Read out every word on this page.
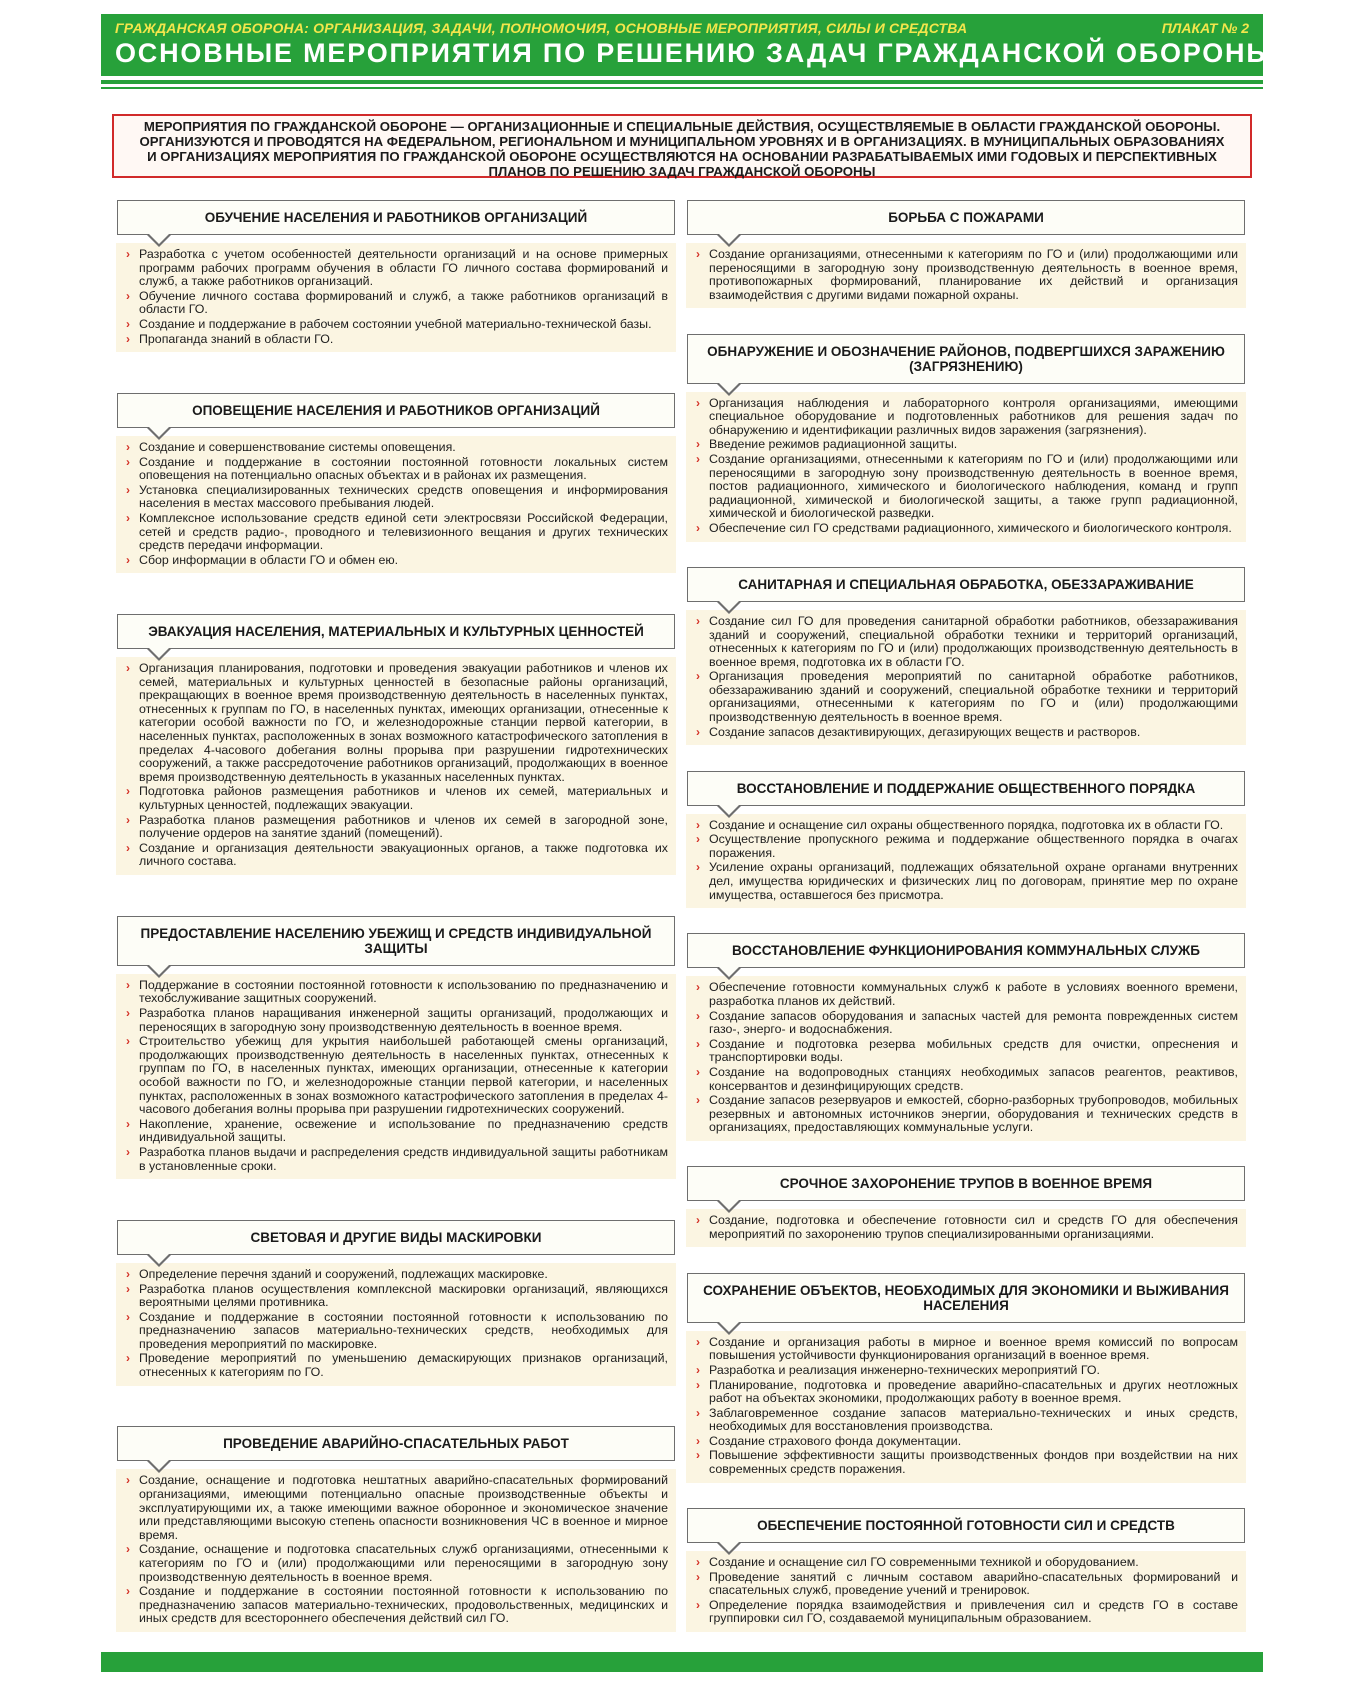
ГРАЖДАНСКАЯ ОБОРОНА: ОРГАНИЗАЦИЯ, ЗАДАЧИ, ПОЛНОМОЧИЯ, ОСНОВНЫЕ МЕРОПРИЯТИЯ, СИЛЫ И СРЕДСТВА	ПЛАКАТ № 2
ОСНОВНЫЕ МЕРОПРИЯТИЯ ПО РЕШЕНИЮ ЗАДАЧ ГРАЖДАНСКОЙ ОБОРОНЫ
МЕРОПРИЯТИЯ ПО ГРАЖДАНСКОЙ ОБОРОНЕ — ОРГАНИЗАЦИОННЫЕ И СПЕЦИАЛЬНЫЕ ДЕЙСТВИЯ, ОСУЩЕСТВЛЯЕМЫЕ В ОБЛАСТИ ГРАЖДАНСКОЙ ОБОРОНЫ. ОРГАНИЗУЮТСЯ И ПРОВОДЯТСЯ НА ФЕДЕРАЛЬНОМ, РЕГИОНАЛЬНОМ И МУНИЦИПАЛЬНОМ УРОВНЯХ И В ОРГАНИЗАЦИЯХ. В МУНИЦИПАЛЬНЫХ ОБРАЗОВАНИЯХ И ОРГАНИЗАЦИЯХ МЕРОПРИЯТИЯ ПО ГРАЖДАНСКОЙ ОБОРОНЕ ОСУЩЕСТВЛЯЮТСЯ НА ОСНОВАНИИ РАЗРАБАТЫВАЕМЫХ ИМИ ГОДОВЫХ И ПЕРСПЕКТИВНЫХ ПЛАНОВ ПО РЕШЕНИЮ ЗАДАЧ ГРАЖДАНСКОЙ ОБОРОНЫ
ОБУЧЕНИЕ НАСЕЛЕНИЯ И РАБОТНИКОВ ОРГАНИЗАЦИЙ
› Разработка с учетом особенностей деятельности организаций и на основе примерных программ рабочих программ обучения в области ГО личного состава формирований и служб, а также работников организаций.
› Обучение личного состава формирований и служб, а также работников организаций в области ГО.
› Создание и поддержание в рабочем состоянии учебной материально-технической базы.
› Пропаганда знаний в области ГО.
ОПОВЕЩЕНИЕ НАСЕЛЕНИЯ И РАБОТНИКОВ ОРГАНИЗАЦИЙ
› Создание и совершенствование системы оповещения.
› Создание и поддержание в состоянии постоянной готовности локальных систем оповещения на потенциально опасных объектах и в районах их размещения.
› Установка специализированных технических средств оповещения и информирования населения в местах массового пребывания людей.
› Комплексное использование средств единой сети электросвязи Российской Федерации, сетей и средств радио-, проводного и телевизионного вещания и других технических средств передачи информации.
› Сбор информации в области ГО и обмен ею.
ЭВАКУАЦИЯ НАСЕЛЕНИЯ, МАТЕРИАЛЬНЫХ И КУЛЬТУРНЫХ ЦЕННОСТЕЙ
› Организация планирования, подготовки и проведения эвакуации работников и членов их семей, материальных и культурных ценностей в безопасные районы организаций, прекращающих в военное время производственную деятельность в населенных пунктах, отнесенных к группам по ГО, в населенных пунктах, имеющих организации, отнесенные к категории особой важности по ГО, и железнодорожные станции первой категории, в населенных пунктах, расположенных в зонах возможного катастрофического затопления в пределах 4-часового добегания волны прорыва при разрушении гидротехнических сооружений, а также рассредоточение работников организаций, продолжающих в военное время производственную деятельность в указанных населенных пунктах.
› Подготовка районов размещения работников и членов их семей, материальных и культурных ценностей, подлежащих эвакуации.
› Разработка планов размещения работников и членов их семей в загородной зоне, получение ордеров на занятие зданий (помещений).
› Создание и организация деятельности эвакуационных органов, а также подготовка их личного состава.
ПРЕДОСТАВЛЕНИЕ НАСЕЛЕНИЮ УБЕЖИЩ И СРЕДСТВ ИНДИВИДУАЛЬНОЙ ЗАЩИТЫ
› Поддержание в состоянии постоянной готовности к использованию по предназначению и техобслуживание защитных сооружений.
› Разработка планов наращивания инженерной защиты организаций, продолжающих и переносящих в загородную зону производственную деятельность в военное время.
› Строительство убежищ для укрытия наибольшей работающей смены организаций, продолжающих производственную деятельность в населенных пунктах, отнесенных к группам по ГО, в населенных пунктах, имеющих организации, отнесенные к категории особой важности по ГО, и железнодорожные станции первой категории, и населенных пунктах, расположенных в зонах возможного катастрофического затопления в пределах 4-часового добегания волны прорыва при разрушении гидротехнических сооружений.
› Накопление, хранение, освежение и использование по предназначению средств индивидуальной защиты.
› Разработка планов выдачи и распределения средств индивидуальной защиты работникам в установленные сроки.
СВЕТОВАЯ И ДРУГИЕ ВИДЫ МАСКИРОВКИ
› Определение перечня зданий и сооружений, подлежащих маскировке.
› Разработка планов осуществления комплексной маскировки организаций, являющихся вероятными целями противника.
› Создание и поддержание в состоянии постоянной готовности к использованию по предназначению запасов материально-технических средств, необходимых для проведения мероприятий по маскировке.
› Проведение мероприятий по уменьшению демаскирующих признаков организаций, отнесенных к категориям по ГО.
ПРОВЕДЕНИЕ АВАРИЙНО-СПАСАТЕЛЬНЫХ РАБОТ
› Создание, оснащение и подготовка нештатных аварийно-спасательных формирований организациями, имеющими потенциально опасные производственные объекты и эксплуатирующими их, а также имеющими важное оборонное и экономическое значение или представляющими высокую степень опасности возникновения ЧС в военное и мирное время.
› Создание, оснащение и подготовка спасательных служб организациями, отнесенными к категориям по ГО и (или) продолжающими или переносящими в загородную зону производственную деятельность в военное время.
› Создание и поддержание в состоянии постоянной готовности к использованию по предназначению запасов материально-технических, продовольственных, медицинских и иных средств для всестороннего обеспечения действий сил ГО.
БОРЬБА С ПОЖАРАМИ
› Создание организациями, отнесенными к категориям по ГО и (или) продолжающими или переносящими в загородную зону производственную деятельность в военное время, противопожарных формирований, планирование их действий и организация взаимодействия с другими видами пожарной охраны.
ОБНАРУЖЕНИЕ И ОБОЗНАЧЕНИЕ РАЙОНОВ, ПОДВЕРГШИХСЯ ЗАРАЖЕНИЮ (ЗАГРЯЗНЕНИЮ)
› Организация наблюдения и лабораторного контроля организациями, имеющими специальное оборудование и подготовленных работников для решения задач по обнаружению и идентификации различных видов заражения (загрязнения).
› Введение режимов радиационной защиты.
› Создание организациями, отнесенными к категориям по ГО и (или) продолжающими или переносящими в загородную зону производственную деятельность в военное время, постов радиационного, химического и биологического наблюдения, команд и групп радиационной, химической и биологической защиты, а также групп радиационной, химической и биологической разведки.
› Обеспечение сил ГО средствами радиационного, химического и биологического контроля.
САНИТАРНАЯ И СПЕЦИАЛЬНАЯ ОБРАБОТКА, ОБЕЗЗАРАЖИВАНИЕ
› Создание сил ГО для проведения санитарной обработки работников, обеззараживания зданий и сооружений, специальной обработки техники и территорий организаций, отнесенных к категориям по ГО и (или) продолжающих производственную деятельность в военное время, подготовка их в области ГО.
› Организация проведения мероприятий по санитарной обработке работников, обеззараживанию зданий и сооружений, специальной обработке техники и территорий организациями, отнесенными к категориям по ГО и (или) продолжающими производственную деятельность в военное время.
› Создание запасов дезактивирующих, дегазирующих веществ и растворов.
ВОССТАНОВЛЕНИЕ И ПОДДЕРЖАНИЕ ОБЩЕСТВЕННОГО ПОРЯДКА
› Создание и оснащение сил охраны общественного порядка, подготовка их в области ГО.
› Осуществление пропускного режима и поддержание общественного порядка в очагах поражения.
› Усиление охраны организаций, подлежащих обязательной охране органами внутренних дел, имущества юридических и физических лиц по договорам, принятие мер по охране имущества, оставшегося без присмотра.
ВОССТАНОВЛЕНИЕ ФУНКЦИОНИРОВАНИЯ КОММУНАЛЬНЫХ СЛУЖБ
› Обеспечение готовности коммунальных служб к работе в условиях военного времени, разработка планов их действий.
› Создание запасов оборудования и запасных частей для ремонта поврежденных систем газо-, энерго- и водоснабжения.
› Создание и подготовка резерва мобильных средств для очистки, опреснения и транспортировки воды.
› Создание на водопроводных станциях необходимых запасов реагентов, реактивов, консервантов и дезинфицирующих средств.
› Создание запасов резервуаров и емкостей, сборно-разборных трубопроводов, мобильных резервных и автономных источников энергии, оборудования и технических средств в организациях, предоставляющих коммунальные услуги.
СРОЧНОЕ ЗАХОРОНЕНИЕ ТРУПОВ В ВОЕННОЕ ВРЕМЯ
› Создание, подготовка и обеспечение готовности сил и средств ГО для обеспечения мероприятий по захоронению трупов специализированными организациями.
СОХРАНЕНИЕ ОБЪЕКТОВ, НЕОБХОДИМЫХ ДЛЯ ЭКОНОМИКИ И ВЫЖИВАНИЯ НАСЕЛЕНИЯ
› Создание и организация работы в мирное и военное время комиссий по вопросам повышения устойчивости функционирования организаций в военное время.
› Разработка и реализация инженерно-технических мероприятий ГО.
› Планирование, подготовка и проведение аварийно-спасательных и других неотложных работ на объектах экономики, продолжающих работу в военное время.
› Заблаговременное создание запасов материально-технических и иных средств, необходимых для восстановления производства.
› Создание страхового фонда документации.
› Повышение эффективности защиты производственных фондов при воздействии на них современных средств поражения.
ОБЕСПЕЧЕНИЕ ПОСТОЯННОЙ ГОТОВНОСТИ СИЛ И СРЕДСТВ
› Создание и оснащение сил ГО современными техникой и оборудованием.
› Проведение занятий с личным составом аварийно-спасательных формирований и спасательных служб, проведение учений и тренировок.
› Определение порядка взаимодействия и привлечения сил и средств ГО в составе группировки сил ГО, создаваемой муниципальным образованием.
